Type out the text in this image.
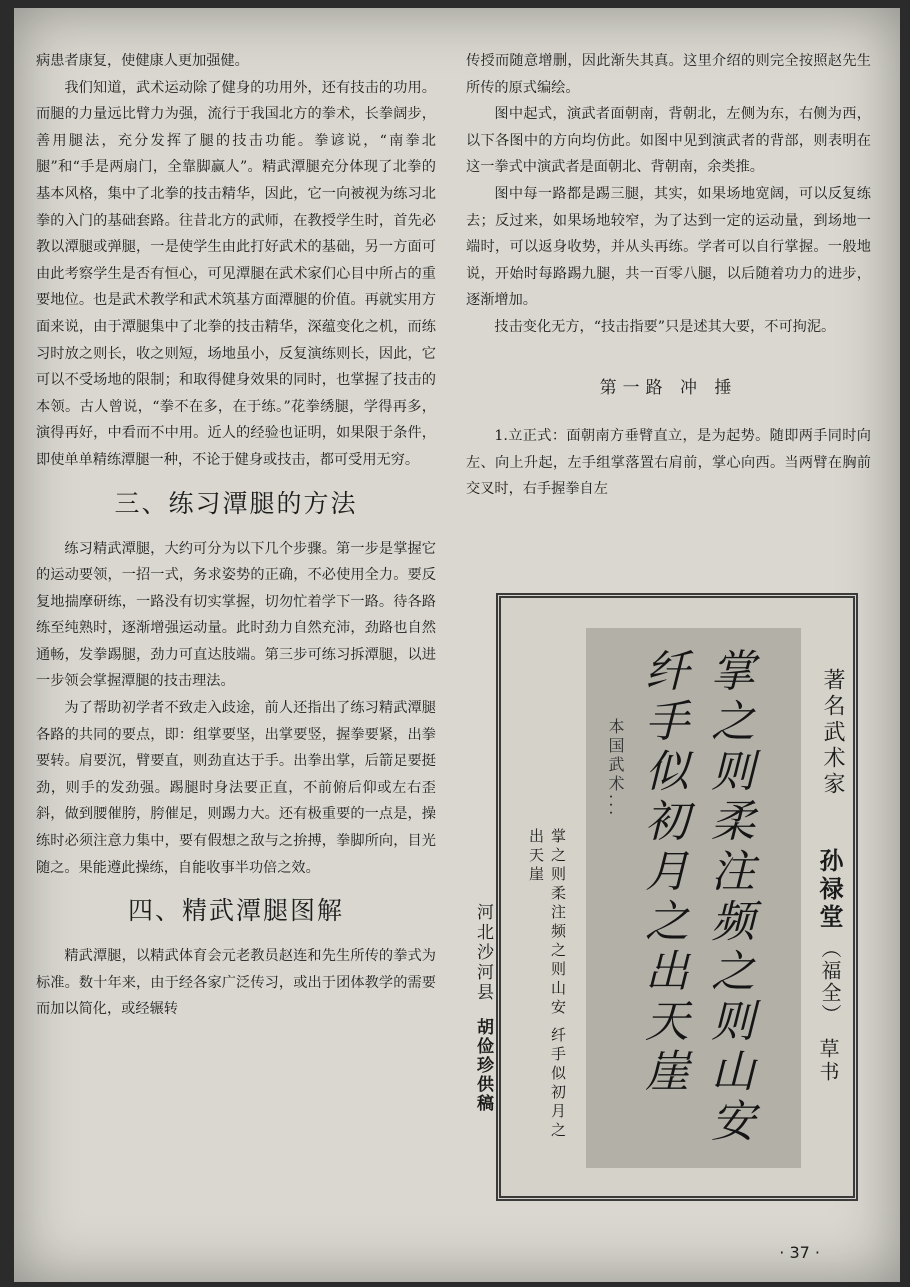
病患者康复，使健康人更加强健。

我们知道，武术运动除了健身的功用外，还有技击的功用。而腿的力量远比臂力为强，流行于我国北方的拳术，长拳阔步，善用腿法，充分发挥了腿的技击功能。拳谚说，“南拳北腿”和“手是两扇门，全靠脚赢人”。精武潭腿充分体现了北拳的基本风格，集中了北拳的技击精华，因此，它一向被视为练习北拳的入门的基础套路。往昔北方的武师，在教授学生时，首先必教以潭腿或弹腿，一是使学生由此打好武术的基础，另一方面可由此考察学生是否有恒心，可见潭腿在武术家们心目中所占的重要地位。也是武术教学和武术筑基方面潭腿的价值。再就实用方面来说，由于潭腿集中了北拳的技击精华，深蕴变化之机，而练习时放之则长，收之则短，场地虽小，反复演练则长，因此，它可以不受场地的限制；和取得健身效果的同时，也掌握了技击的本领。古人曾说，“拳不在多，在于练。”花拳绣腿，学得再多，演得再好，中看而不中用。近人的经验也证明，如果限于条件，即使单单精练潭腿一种，不论于健身或技击，都可受用无穷。

三、练习潭腿的方法

练习精武潭腿，大约可分为以下几个步骤。第一步是掌握它的运动要领，一招一式，务求姿势的正确，不必使用全力。要反复地揣摩研练，一路没有切实掌握，切勿忙着学下一路。待各路练至纯熟时，逐渐增强运动量。此时劲力自然充沛，劲路也自然通畅，发拳踢腿，劲力可直达肢端。第三步可练习拆潭腿，以进一步领会掌握潭腿的技击理法。

为了帮助初学者不致走入歧途，前人还指出了练习精武潭腿各路的共同的要点，即：组掌要坚，出掌要竖，握拳要紧，出拳要转。肩要沉，臂要直，则劲直达于手。出拳出掌，后箭足要挺劲，则手的发劲强。踢腿时身法要正直，不前俯后仰或左右歪斜，做到腰催胯，胯催足，则踢力大。还有极重要的一点是，操练时必须注意力集中，要有假想之敌与之拚搏，拳脚所向，目光随之。果能遵此操练，自能收事半功倍之效。

四、精武潭腿图解

精武潭腿，以精武体育会元老教员赵连和先生所传的拳式为标准。数十年来，由于经各家广泛传习，或出于团体教学的需要而加以简化，或经辗转

传授而随意增删，因此渐失其真。这里介绍的则完全按照赵先生所传的原式编绘。

图中起式，演武者面朝南，背朝北，左侧为东，右侧为西，以下各图中的方向均仿此。如图中见到演武者的背部，则表明在这一拳式中演武者是面朝北、背朝南，余类推。

图中每一路都是踢三腿，其实，如果场地宽阔，可以反复练去；反过来，如果场地较窄，为了达到一定的运动量，到场地一端时，可以返身收势，并从头再练。学者可以自行掌握。一般地说，开始时每路踢九腿，共一百零八腿，以后随着功力的进步，逐渐增加。

技击变化无方，“技击指要”只是述其大要，不可拘泥。

第一路 冲 捶

1.立正式：面朝南方垂臂直立，是为起势。随即两手同时向左、向上升起，左手组掌落置右肩前，掌心向西。当两臂在胸前交叉时，右手握拳自左

掌之则柔注频之则山安纤手似初月之出天崖
本国武术...	著名武术家
孙禄堂
（福全）
草书
掌之则柔注频之则山安 纤手似初月之出天崖
河北沙河县
胡俭珍供稿
· 37 ·
